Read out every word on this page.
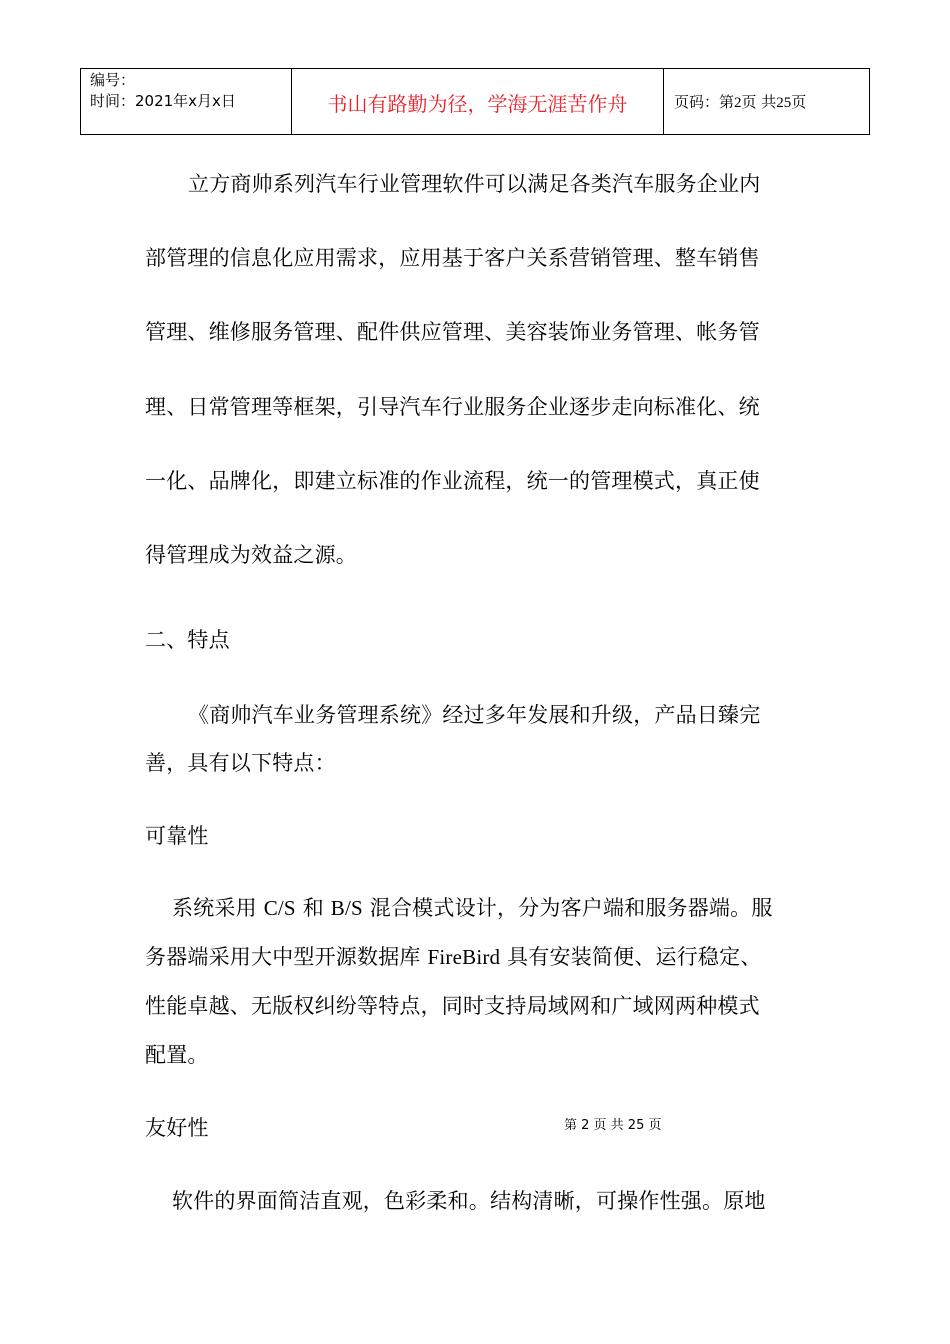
编号：
时间：2021年x月x日	书山有路勤为径，学海无涯苦作舟	页码：第2页 共25页
立方商帅系列汽车行业管理软件可以满足各类汽车服务企业内
部管理的信息化应用需求，应用基于客户关系营销管理、整车销售
管理、维修服务管理、配件供应管理、美容装饰业务管理、帐务管
理、日常管理等框架，引导汽车行业服务企业逐步走向标准化、统
一化、品牌化，即建立标准的作业流程，统一的管理模式，真正使
得管理成为效益之源。
二、特点
《商帅汽车业务管理系统》经过多年发展和升级，产品日臻完
善，具有以下特点：
可靠性
系统采用 C/S 和 B/S 混合模式设计，分为客户端和服务器端。服
务器端采用大中型开源数据库 FireBird 具有安装简便、运行稳定、
性能卓越、无版权纠纷等特点，同时支持局域网和广域网两种模式
配置。
友好性	第 2 页 共 25 页
软件的界面简洁直观，色彩柔和。结构清晰，可操作性强。原地
